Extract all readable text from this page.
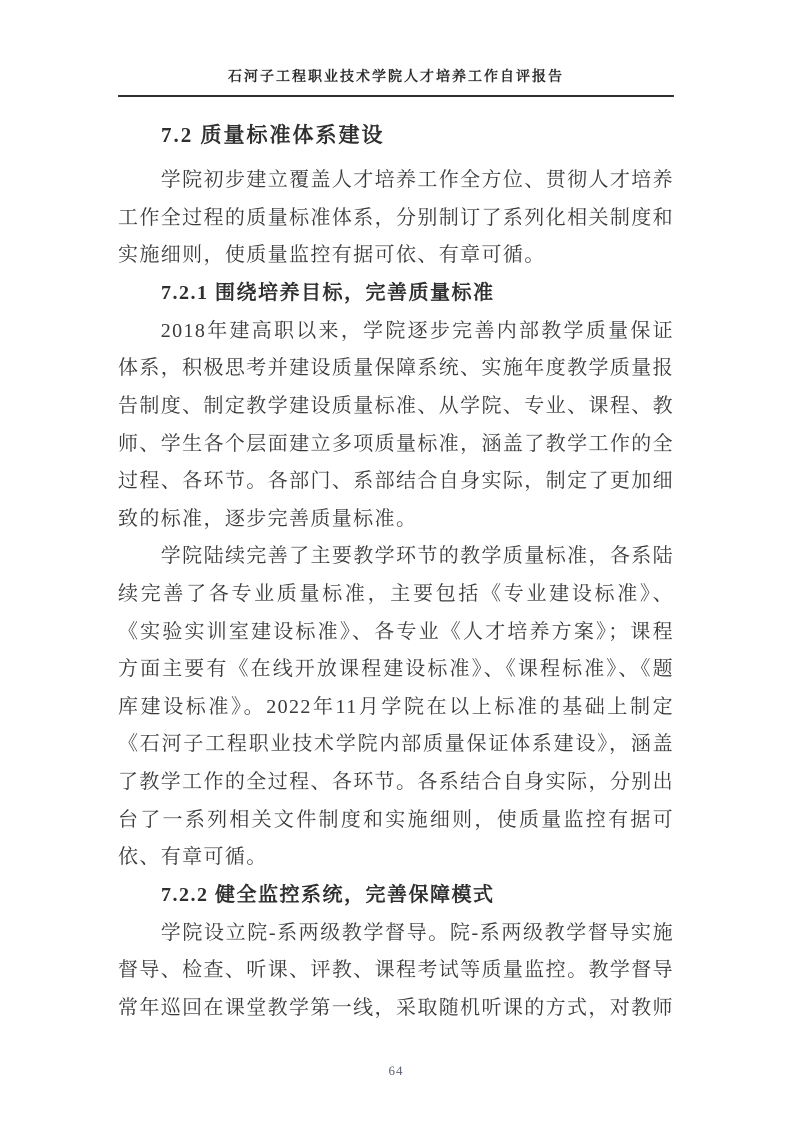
石河子工程职业技术学院人才培养工作自评报告
7.2 质量标准体系建设

学院初步建立覆盖人才培养工作全方位、贯彻人才培养工作全过程的质量标准体系，分别制订了系列化相关制度和实施细则，使质量监控有据可依、有章可循。

7.2.1 围绕培养目标，完善质量标准

2018年建高职以来，学院逐步完善内部教学质量保证体系，积极思考并建设质量保障系统、实施年度教学质量报告制度、制定教学建设质量标准、从学院、专业、课程、教师、学生各个层面建立多项质量标准，涵盖了教学工作的全过程、各环节。各部门、系部结合自身实际，制定了更加细致的标准，逐步完善质量标准。

学院陆续完善了主要教学环节的教学质量标准，各系陆续完善了各专业质量标准，主要包括《专业建设标准》、《实验实训室建设标准》、各专业《人才培养方案》；课程方面主要有《在线开放课程建设标准》、《课程标准》、《题库建设标准》。2022年11月学院在以上标准的基础上制定《石河子工程职业技术学院内部质量保证体系建设》，涵盖了教学工作的全过程、各环节。各系结合自身实际，分别出台了一系列相关文件制度和实施细则，使质量监控有据可依、有章可循。

7.2.2 健全监控系统，完善保障模式

学院设立院-系两级教学督导。院-系两级教学督导实施督导、检查、听课、评教、课程考试等质量监控。教学督导常年巡回在课堂教学第一线，采取随机听课的方式，对教师

64
